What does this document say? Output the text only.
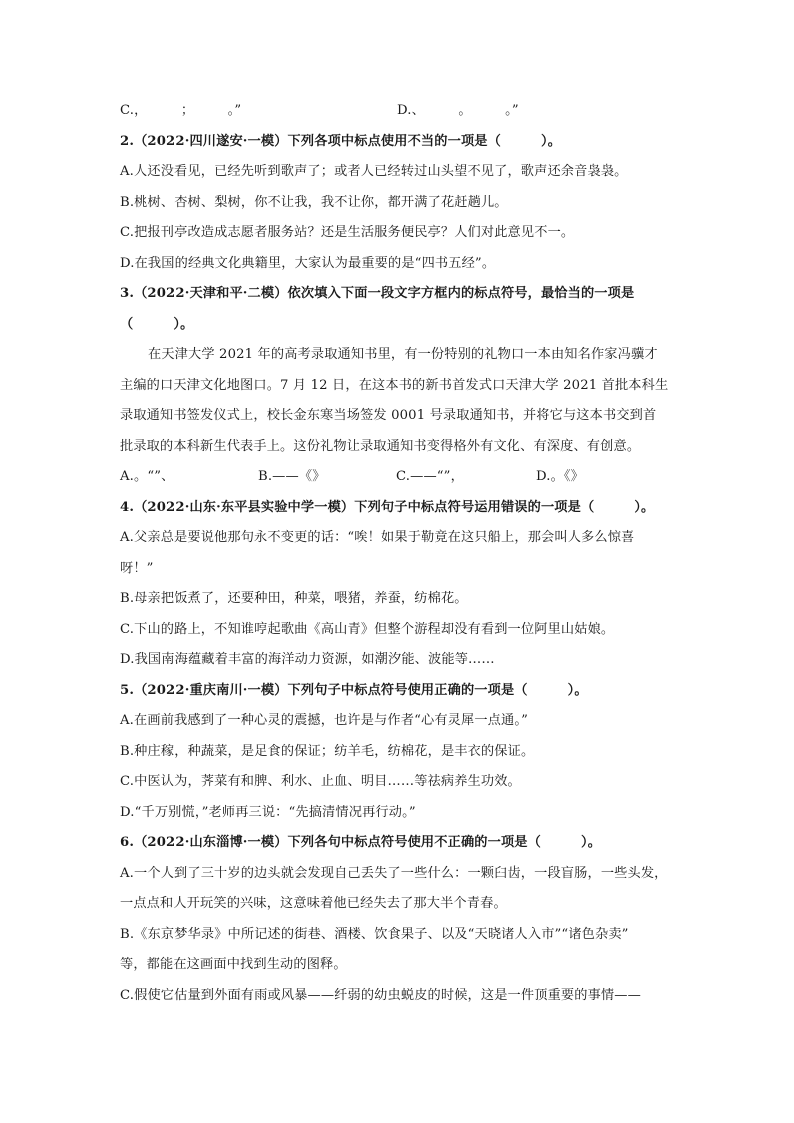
C.，　　　；　　　。”	D.、　　　。　　　。”
2.（2022·四川遂安·一模）下列各项中标点使用不当的一项是（　　　）。
A.人还没看见，已经先听到歌声了；或者人已经转过山头望不见了，歌声还余音袅袅。
B.桃树、杏树、梨树，你不让我，我不让你，都开满了花赶趟儿。
C.把报刊亭改造成志愿者服务站？还是生活服务便民亭？人们对此意见不一。
D.在我国的经典文化典籍里，大家认为最重要的是“四书五经”。
3.（2022·天津和平·二模）依次填入下面一段文字方框内的标点符号，最恰当的一项是
（　　　）。
在天津大学 2021 年的高考录取通知书里，有一份特别的礼物口一本由知名作家冯骥才
主编的口天津文化地图口。7 月 12 日，在这本书的新书首发式口天津大学 2021 首批本科生
录取通知书签发仪式上，校长金东寒当场签发 0001 号录取通知书，并将它与这本书交到首
批录取的本科新生代表手上。这份礼物让录取通知书变得格外有文化、有深度、有创意。
A.。“”、	B.——《》	C.——“”，	D.。《》
4.（2022·山东·东平县实验中学一模）下列句子中标点符号运用错误的一项是（　　　）。
A.父亲总是要说他那句永不变更的话：“唉！如果于勒竟在这只船上，那会叫人多么惊喜
呀！”
B.母亲把饭煮了，还要种田，种菜，喂猪，养蚕，纺棉花。
C.下山的路上，不知谁哼起歌曲《高山青》但整个游程却没有看到一位阿里山姑娘。
D.我国南海蕴藏着丰富的海洋动力资源，如潮汐能、波能等……
5.（2022·重庆南川·一模）下列句子中标点符号使用正确的一项是（　　　）。
A.在画前我感到了一种心灵的震撼，也许是与作者“心有灵犀一点通。”
B.种庄稼，种蔬菜，是足食的保证；纺羊毛，纺棉花，是丰衣的保证。
C.中医认为，荠菜有和脾、利水、止血、明目……等祛病养生功效。
D.“千万别慌，”老师再三说：“先搞清情况再行动。”
6.（2022·山东淄博·一模）下列各句中标点符号使用不正确的一项是（　　　）。
A.一个人到了三十岁的边头就会发现自己丢失了一些什么：一颗臼齿，一段盲肠，一些头发，
一点点和人开玩笑的兴味，这意味着他已经失去了那大半个青春。
B.《东京梦华录》中所记述的街巷、酒楼、饮食果子、以及“天晓诸人入市”“诸色杂卖”
等，都能在这画面中找到生动的图释。
C.假使它估量到外面有雨或风暴——纤弱的幼虫蜕皮的时候，这是一件顶重要的事情——
